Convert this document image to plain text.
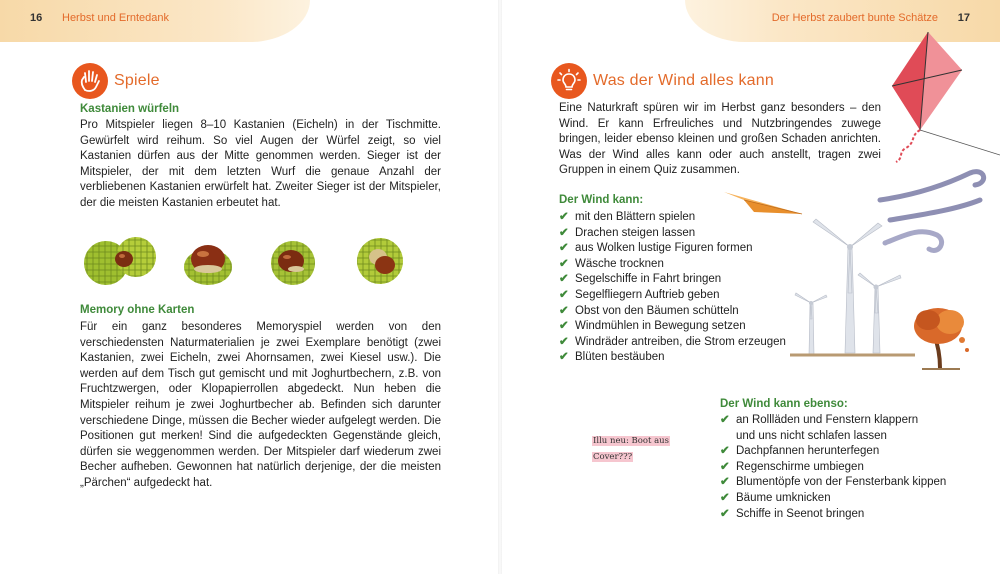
16 Herbst und Erntedank
Spiele
Kastanien würfeln
Pro Mitspieler liegen 8–10 Kastanien (Eicheln) in der Tischmitte. Gewürfelt wird reihum. So viel Augen der Würfel zeigt, so viel Kastanien dürfen aus der Mitte genommen werden. Sieger ist der Mitspieler, der mit dem letzten Wurf die genaue Anzahl der verbliebenen Kastanien erwürfelt hat. Zweiter Sieger ist der Mitspieler, der die meisten Kastanien erbeutet hat.
Memory ohne Karten
Für ein ganz besonderes Memoryspiel werden von den verschiedensten Naturmaterialien je zwei Exemplare benötigt (zwei Kastanien, zwei Eicheln, zwei Ahornsamen, zwei Kiesel usw.). Die werden auf dem Tisch gut gemischt und mit Joghurtbechern, z.B. von Fruchtzwergen, oder Klopapierrollen abgedeckt. Nun heben die Mitspieler reihum je zwei Joghurtbecher ab. Befinden sich darunter verschiedene Dinge, müssen die Becher wieder aufgelegt werden. Die Positionen gut merken! Sind die aufgedeckten Gegenstände gleich, dürfen sie weggenommen werden. Der Mitspieler darf wiederum zwei Becher aufheben. Gewonnen hat natürlich derjenige, der die meisten „Pärchen“ aufgedeckt hat.
17
Der Herbst zaubert bunte Schätze
Was der Wind alles kann
Eine Naturkraft spüren wir im Herbst ganz besonders – den Wind. Er kann Erfreuliches und Nutzbringendes zuwege bringen, leider ebenso kleinen und großen Schaden anrichten. Was der Wind alles kann oder auch anstellt, tragen zwei Gruppen in einem Quiz zusammen.
Der Wind kann:
✔ mit den Blättern spielen
✔ Drachen steigen lassen
✔ aus Wolken lustige Figuren formen
✔ Wäsche trocknen
✔ Segelschiffe in Fahrt bringen
✔ Segelfliegern Auftrieb geben
✔ Obst von den Bäumen schütteln
✔ Windmühlen in Bewegung setzen
✔ Windräder antreiben, die Strom erzeugen
✔ Blüten bestäuben
Der Wind kann ebenso:
✔ an Rollläden und Fenstern klappern
und uns nicht schlafen lassen
✔ Dachpfannen herunterfegen
✔ Regenschirme umbiegen
✔ Blumentöpfe von der Fensterbank kippen
✔ Bäume umknicken
✔ Schiffe in Seenot bringen
Illu neu: Boot aus
Cover???
